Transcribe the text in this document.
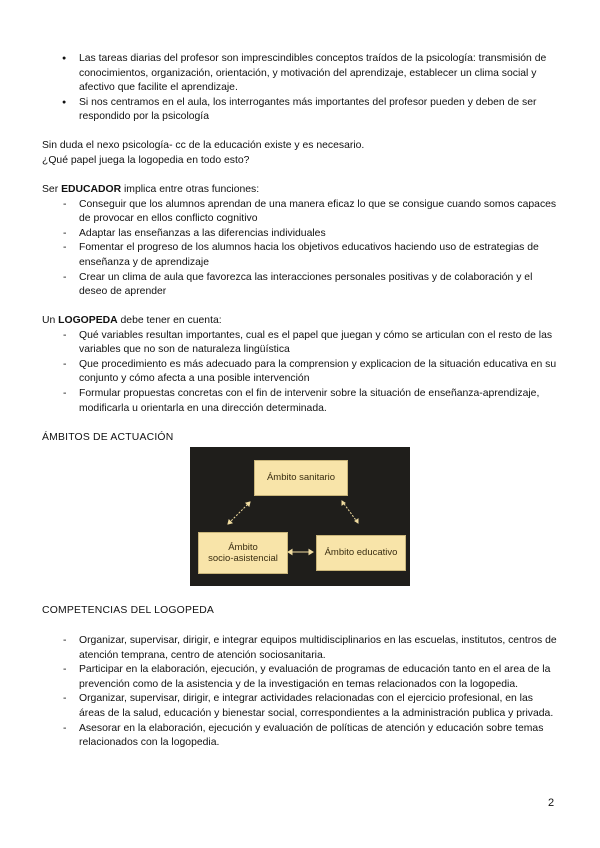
● Las tareas diarias del profesor son imprescindibles conceptos traídos de la psicología: transmisión de conocimientos, organización, orientación, y motivación del aprendizaje, establecer un clima social y afectivo que facilite el aprendizaje.
● Si nos centramos en el aula, los interrogantes más importantes del profesor pueden y deben de ser respondido por la psicología

Sin duda el nexo psicología- cc de la educación existe y es necesario.

¿Qué papel juega la logopedia en todo esto?

Ser EDUCADOR implica entre otras funciones:

- Conseguir que los alumnos aprendan de una manera eficaz lo que se consigue cuando somos capaces de provocar en ellos conflicto cognitivo
- Adaptar las enseñanzas a las diferencias individuales
- Fomentar el progreso de los alumnos hacia los objetivos educativos haciendo uso de estrategias de enseñanza y de aprendizaje
- Crear un clima de aula que favorezca las interacciones personales positivas y de colaboración y el deseo de aprender

Un LOGOPEDA debe tener en cuenta:

- Qué variables resultan importantes, cual es el papel que juegan y cómo se articulan con el resto de las variables que no son de naturaleza lingüística
- Que procedimiento es más adecuado para la comprension y explicacion de la situación educativa en su conjunto y cómo afecta a una posible intervención
- Formular propuestas concretas con el fin de intervenir sobre la situación de enseñanza-aprendizaje, modificarla u orientarla en una dirección determinada.
ÁMBITOS DE ACTUACIÓN
Ámbito sanitario
Ámbito
socio-asistencial
Ámbito educativo
COMPETENCIAS DEL LOGOPEDA
- Organizar, supervisar, dirigir, e integrar equipos multidisciplinarios en las escuelas, institutos, centros de atención temprana, centro de atención sociosanitaria.
- Participar en la elaboración, ejecución, y evaluación de programas de educación tanto en el area de la prevención como de la asistencia y de la investigación en temas relacionados con la logopedia.
- Organizar, supervisar, dirigir, e integrar actividades relacionadas con el ejercicio profesional, en las áreas de la salud, educación y bienestar social, correspondientes a la administración publica y privada.
- Asesorar en la elaboración, ejecución y evaluación de políticas de atención y educación sobre temas relacionados con la logopedia.
2
